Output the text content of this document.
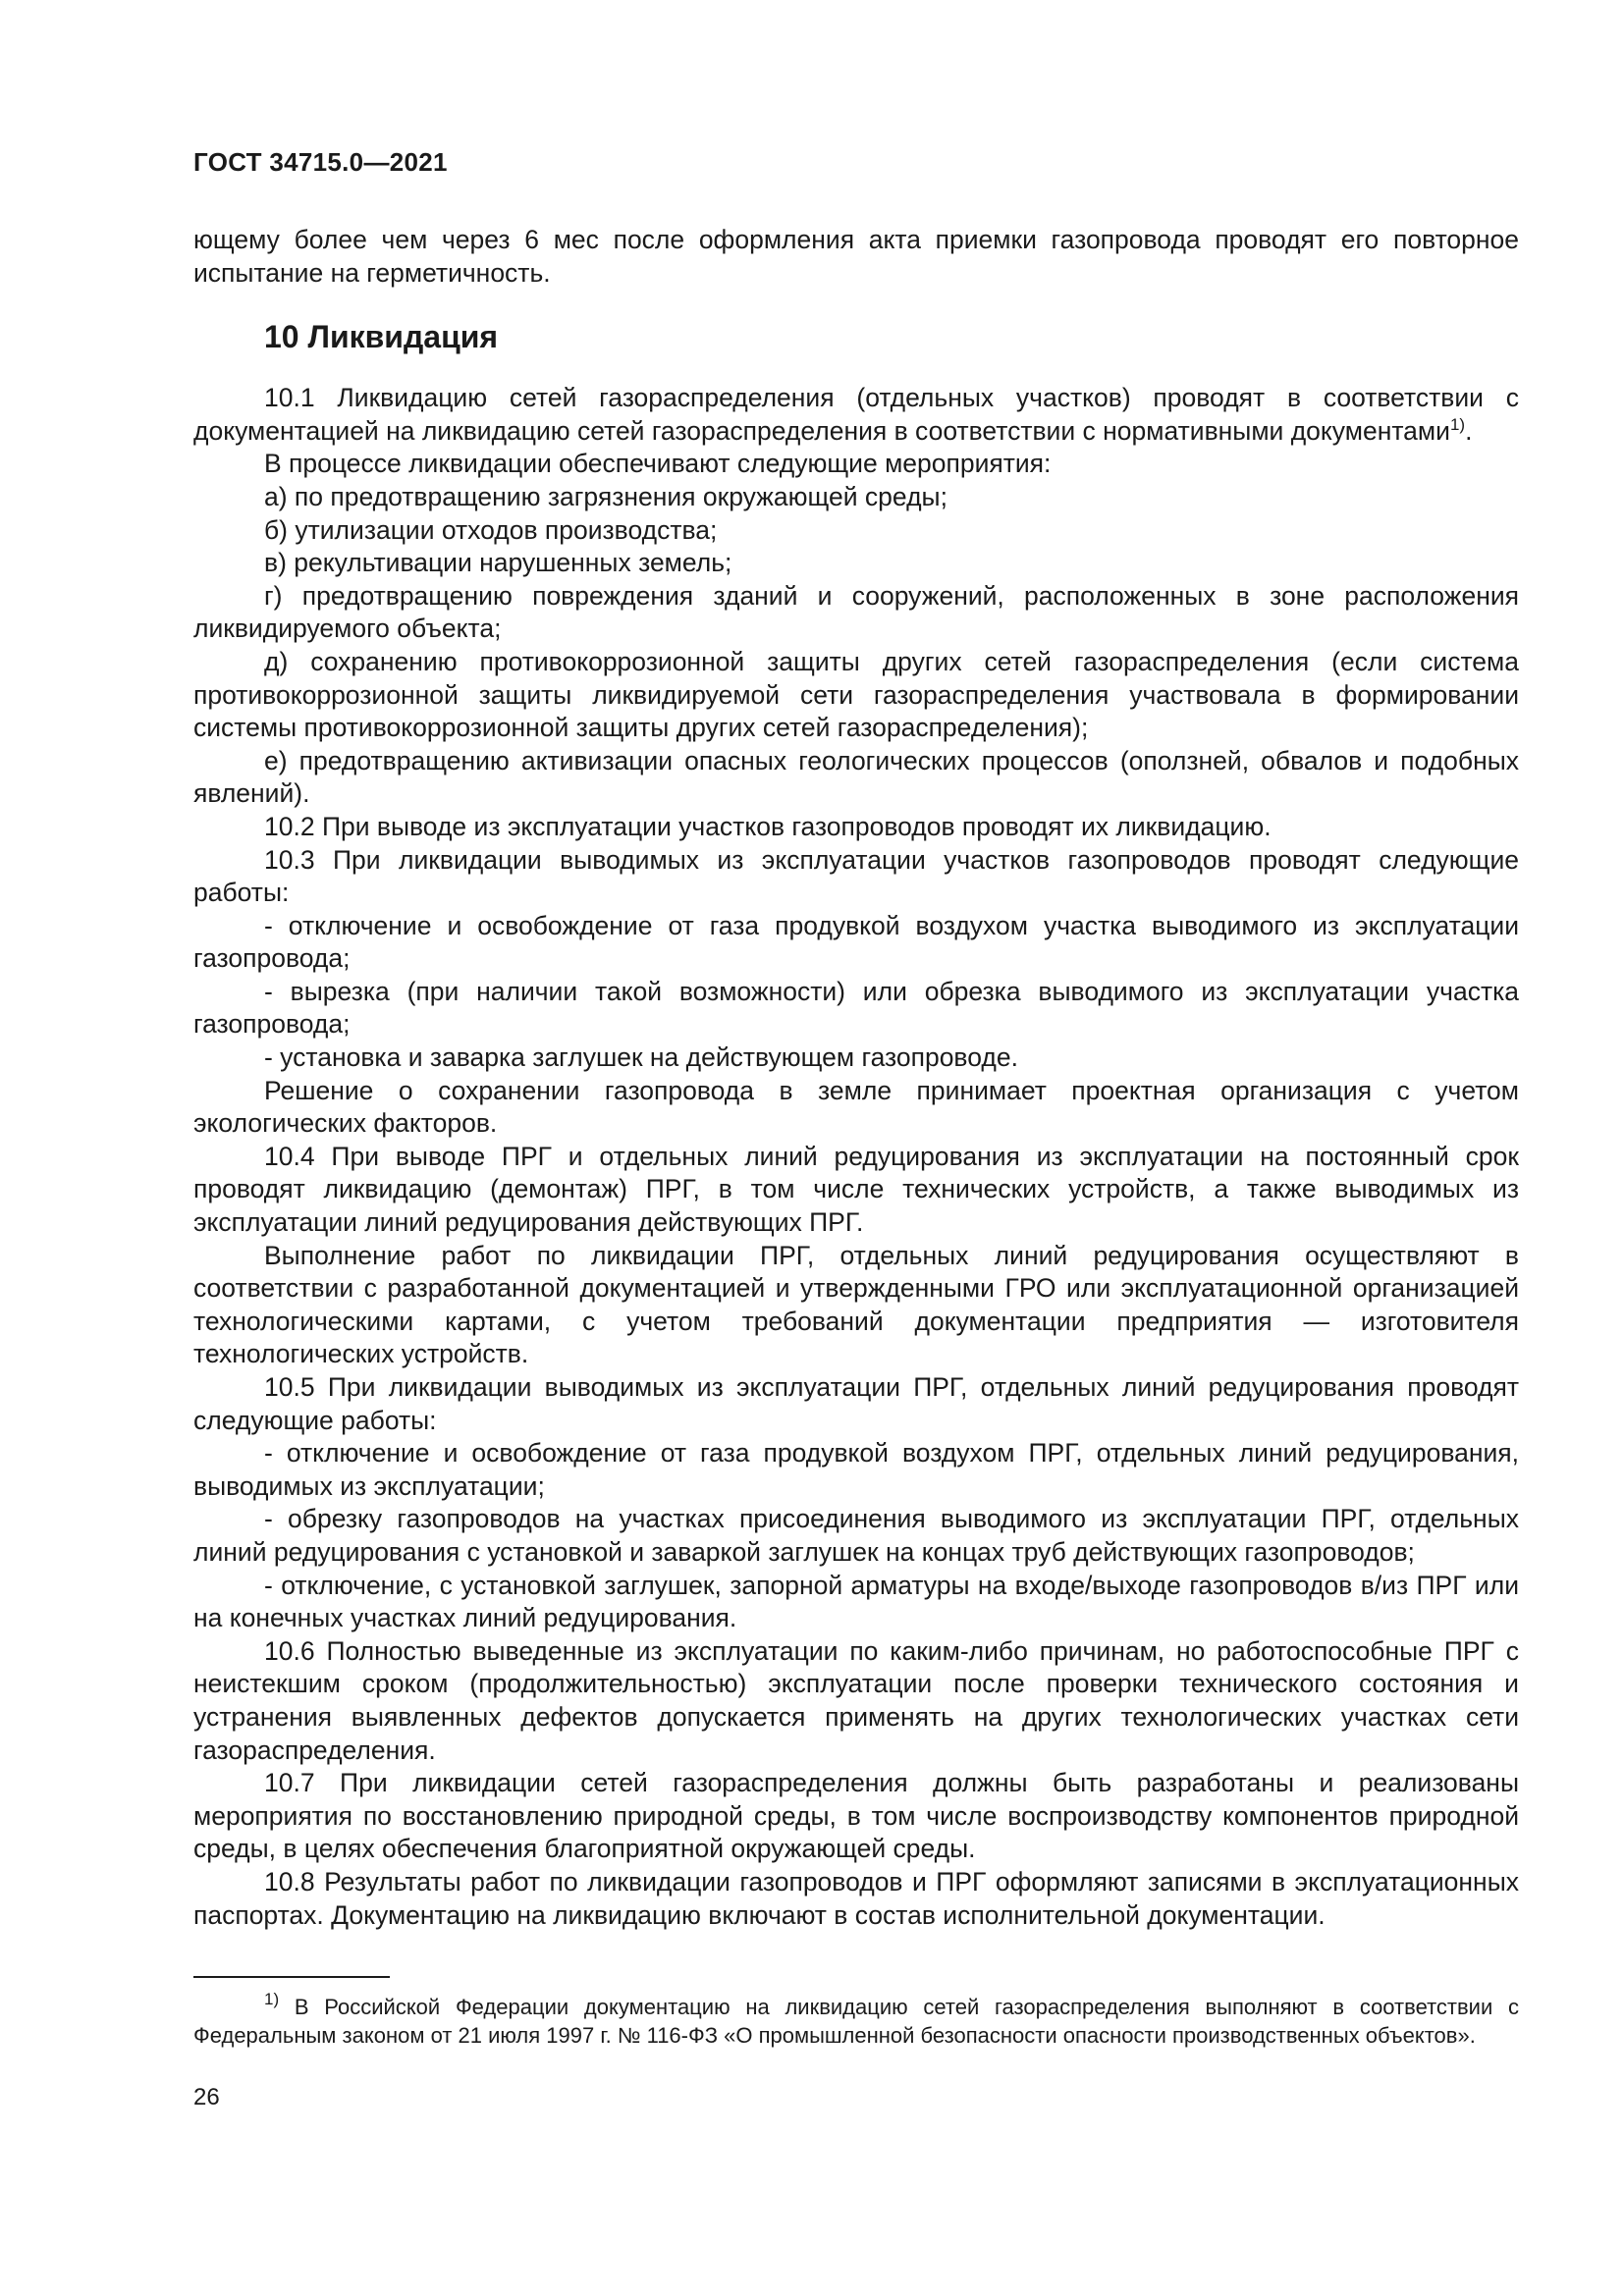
ГОСТ 34715.0—2021

ющему более чем через 6 мес после оформления акта приемки газопровода проводят его повторное испытание на герметичность.

10 Ликвидация

10.1 Ликвидацию сетей газораспределения (отдельных участков) проводят в соответствии с документацией на ликвидацию сетей газораспределения в соответствии с нормативными документами$^{1)}$.

В процессе ликвидации обеспечивают следующие мероприятия:

а) по предотвращению загрязнения окружающей среды;

б) утилизации отходов производства;

в) рекультивации нарушенных земель;

г) предотвращению повреждения зданий и сооружений, расположенных в зоне расположения ликвидируемого объекта;

д) сохранению противокоррозионной защиты других сетей газораспределения (если система противокоррозионной защиты ликвидируемой сети газораспределения участвовала в формировании системы противокоррозионной защиты других сетей газораспределения);

е) предотвращению активизации опасных геологических процессов (оползней, обвалов и подобных явлений).

10.2 При выводе из эксплуатации участков газопроводов проводят их ликвидацию.

10.3 При ликвидации выводимых из эксплуатации участков газопроводов проводят следующие работы:

- отключение и освобождение от газа продувкой воздухом участка выводимого из эксплуатации газопровода;

- вырезка (при наличии такой возможности) или обрезка выводимого из эксплуатации участка газопровода;

- установка и заварка заглушек на действующем газопроводе.

Решение о сохранении газопровода в земле принимает проектная организация с учетом экологических факторов.

10.4 При выводе ПРГ и отдельных линий редуцирования из эксплуатации на постоянный срок проводят ликвидацию (демонтаж) ПРГ, в том числе технических устройств, а также выводимых из эксплуатации линий редуцирования действующих ПРГ.

Выполнение работ по ликвидации ПРГ, отдельных линий редуцирования осуществляют в соответствии с разработанной документацией и утвержденными ГРО или эксплуатационной организацией технологическими картами, с учетом требований документации предприятия — изготовителя технологических устройств.

10.5 При ликвидации выводимых из эксплуатации ПРГ, отдельных линий редуцирования проводят следующие работы:

- отключение и освобождение от газа продувкой воздухом ПРГ, отдельных линий редуцирования, выводимых из эксплуатации;

- обрезку газопроводов на участках присоединения выводимого из эксплуатации ПРГ, отдельных линий редуцирования с установкой и заваркой заглушек на концах труб действующих газопроводов;

- отключение, с установкой заглушек, запорной арматуры на входе/выходе газопроводов в/из ПРГ или на конечных участках линий редуцирования.

10.6 Полностью выведенные из эксплуатации по каким-либо причинам, но работоспособные ПРГ с неистекшим сроком (продолжительностью) эксплуатации после проверки технического состояния и устранения выявленных дефектов допускается применять на других технологических участках сети газораспределения.

10.7 При ликвидации сетей газораспределения должны быть разработаны и реализованы мероприятия по восстановлению природной среды, в том числе воспроизводству компонентов природной среды, в целях обеспечения благоприятной окружающей среды.

10.8 Результаты работ по ликвидации газопроводов и ПРГ оформляют записями в эксплуатационных паспортах. Документацию на ликвидацию включают в состав исполнительной документации.

$^{1)}$ В Российской Федерации документацию на ликвидацию сетей газораспределения выполняют в соответствии с Федеральным законом от 21 июля 1997 г. № 116-ФЗ «О промышленной безопасности опасности производственных объектов».

26
